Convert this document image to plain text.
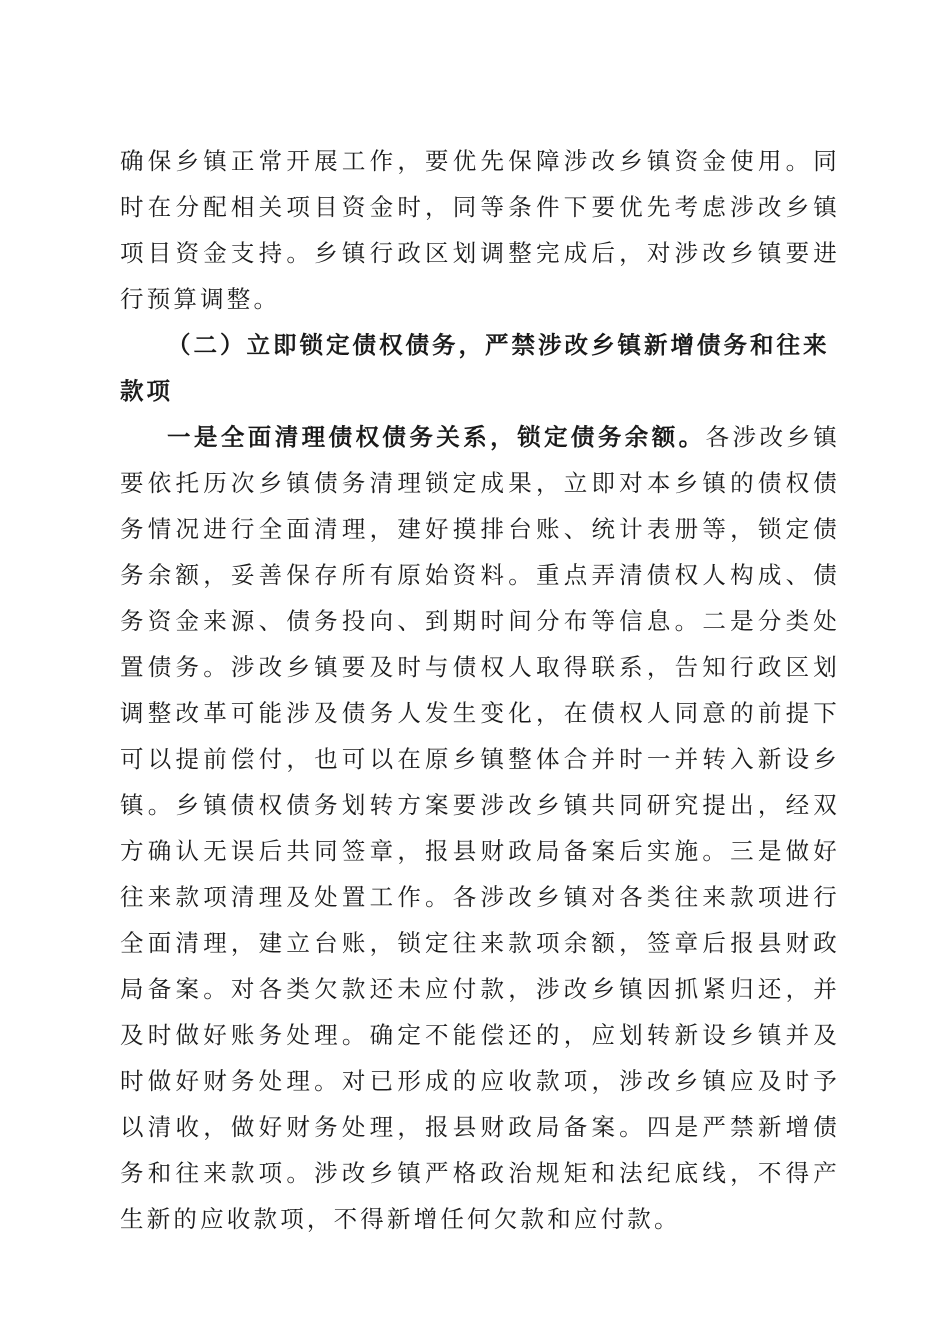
确保乡镇正常开展工作，要优先保障涉改乡镇资金使用。同时在分配相关项目资金时，同等条件下要优先考虑涉改乡镇项目资金支持。乡镇行政区划调整完成后，对涉改乡镇要进行预算调整。

（二）立即锁定债权债务，严禁涉改乡镇新增债务和往来款项

一是全面清理债权债务关系，锁定债务余额。各涉改乡镇要依托历次乡镇债务清理锁定成果，立即对本乡镇的债权债务情况进行全面清理，建好摸排台账、统计表册等，锁定债务余额，妥善保存所有原始资料。重点弄清债权人构成、债务资金来源、债务投向、到期时间分布等信息。二是分类处置债务。涉改乡镇要及时与债权人取得联系，告知行政区划调整改革可能涉及债务人发生变化，在债权人同意的前提下可以提前偿付，也可以在原乡镇整体合并时一并转入新设乡镇。乡镇债权债务划转方案要涉改乡镇共同研究提出，经双方确认无误后共同签章，报县财政局备案后实施。三是做好往来款项清理及处置工作。各涉改乡镇对各类往来款项进行全面清理，建立台账，锁定往来款项余额，签章后报县财政局备案。对各类欠款还未应付款，涉改乡镇因抓紧归还，并及时做好账务处理。确定不能偿还的，应划转新设乡镇并及时做好财务处理。对已形成的应收款项，涉改乡镇应及时予以清收，做好财务处理，报县财政局备案。四是严禁新增债务和往来款项。涉改乡镇严格政治规矩和法纪底线，不得产生新的应收款项，不得新增任何欠款和应付款。
